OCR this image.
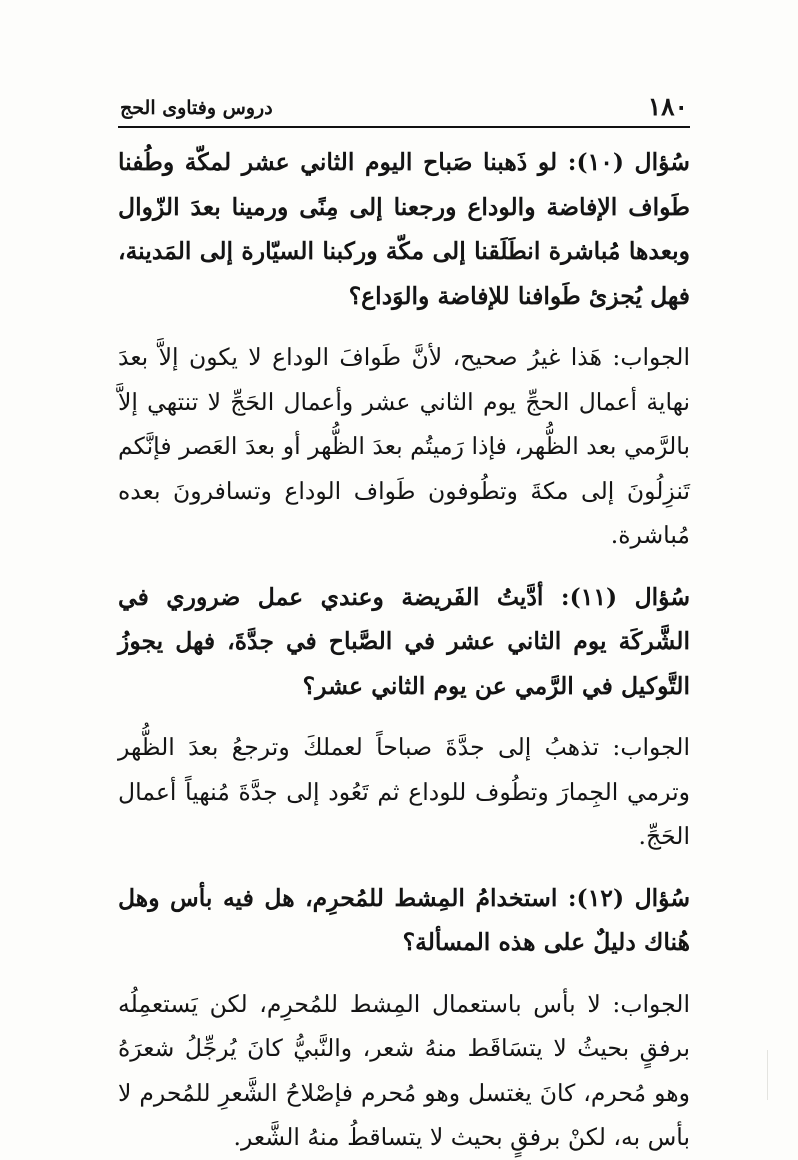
١٨٠
دروس وفتاوى الحج

سُؤال (١٠): لو ذَهبنا صَباح اليوم الثاني عشر لمكّة وطُفنا طَواف الإفاضة والوداع ورجعنا إلى مِنًى ورمينا بعدَ الزّوال وبعدها مُباشرة انطَلَقنا إلى مكّة وركبنا السيّارة إلى المَدينة، فهل يُجزئ طَوافنا للإفاضة والوَداع؟

الجواب: هَذا غيرُ صحيح، لأنَّ طَوافَ الوداع لا يكون إلاَّ بعدَ نهاية أعمال الحجِّ يوم الثاني عشر وأعمال الحَجِّ لا تنتهي إلاَّ بالرَّمي بعد الظُّهر، فإذا رَميتُم بعدَ الظُّهر أو بعدَ العَصر فإنَّكم تَنزِلُونَ إلى مكةَ وتطُوفون طَواف الوداع وتسافرونَ بعده مُباشرة.

سُؤال (١١): أدَّيتُ الفَريضة وعندي عمل ضروري في الشَّركَة يوم الثاني عشر في الصَّباح في جدَّةَ، فهل يجوزُ التَّوكيل في الرَّمي عن يوم الثاني عشر؟

الجواب: تذهبُ إلى جدَّةَ صباحاً لعملكَ وترجعُ بعدَ الظُّهر وترمي الجِمارَ وتطُوف للوداع ثم تَعُود إلى جدَّةَ مُنهياً أعمال الحَجِّ.

سُؤال (١٢): استخدامُ المِشط للمُحرِم، هل فيه بأس وهل هُناك دليلٌ على هذه المسألة؟

الجواب: لا بأس باستعمال المِشط للمُحرِم، لكن يَستعمِلُه برفقٍ بحيثُ لا يتسَاقَط منهُ شعر، والنَّبيُّ كانَ يُرجِّلُ شعرَهُ وهو مُحرم، كانَ يغتسل وهو مُحرم فإصْلاحُ الشَّعرِ للمُحرم لا بأس به، لكنْ برفقٍ بحيث لا يتساقطُ منهُ الشَّعر.
